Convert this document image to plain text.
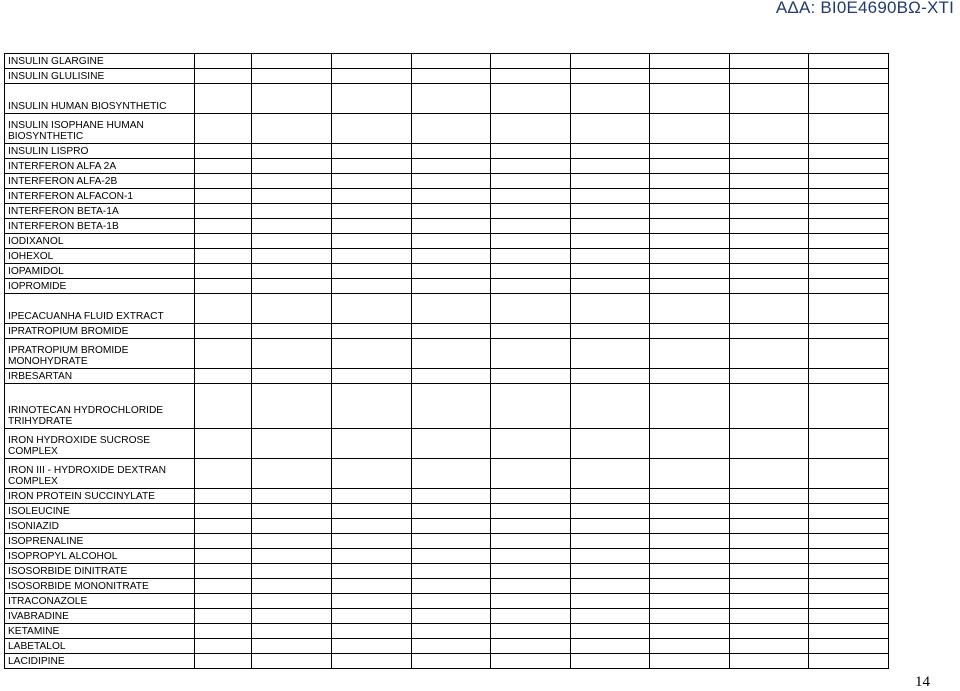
ΑΔΑ: ΒΙ0Ε4690ΒΩ-ΧΤΙ
INSULIN GLARGINE									
INSULIN GLULISINE									
INSULIN HUMAN BIOSYNTHETIC									
INSULIN ISOPHANE HUMAN BIOSYNTHETIC									
INSULIN LISPRO									
INTERFERON ALFA 2A									
INTERFERON ALFA-2B									
INTERFERON ALFACON-1									
INTERFERON BETA-1A									
INTERFERON BETA-1B									
IODIXANOL									
IOHEXOL									
IOPAMIDOL									
IOPROMIDE									
IPECACUANHA FLUID EXTRACT									
IPRATROPIUM BROMIDE									
IPRATROPIUM BROMIDE MONOHYDRATE									
IRBESARTAN									
IRINOTECAN HYDROCHLORIDE TRIHYDRATE									
IRON HYDROXIDE SUCROSE COMPLEX									
IRON III - HYDROXIDE DEXTRAN COMPLEX									
IRON PROTEIN SUCCINYLATE									
ISOLEUCINE									
ISONIAZID									
ISOPRENALINE									
ISOPROPYL ALCOHOL									
ISOSORBIDE DINITRATE									
ISOSORBIDE MONONITRATE									
ITRACONAZOLE									
IVABRADINE									
KETAMINE									
LABETALOL									
LACIDIPINE									
14
